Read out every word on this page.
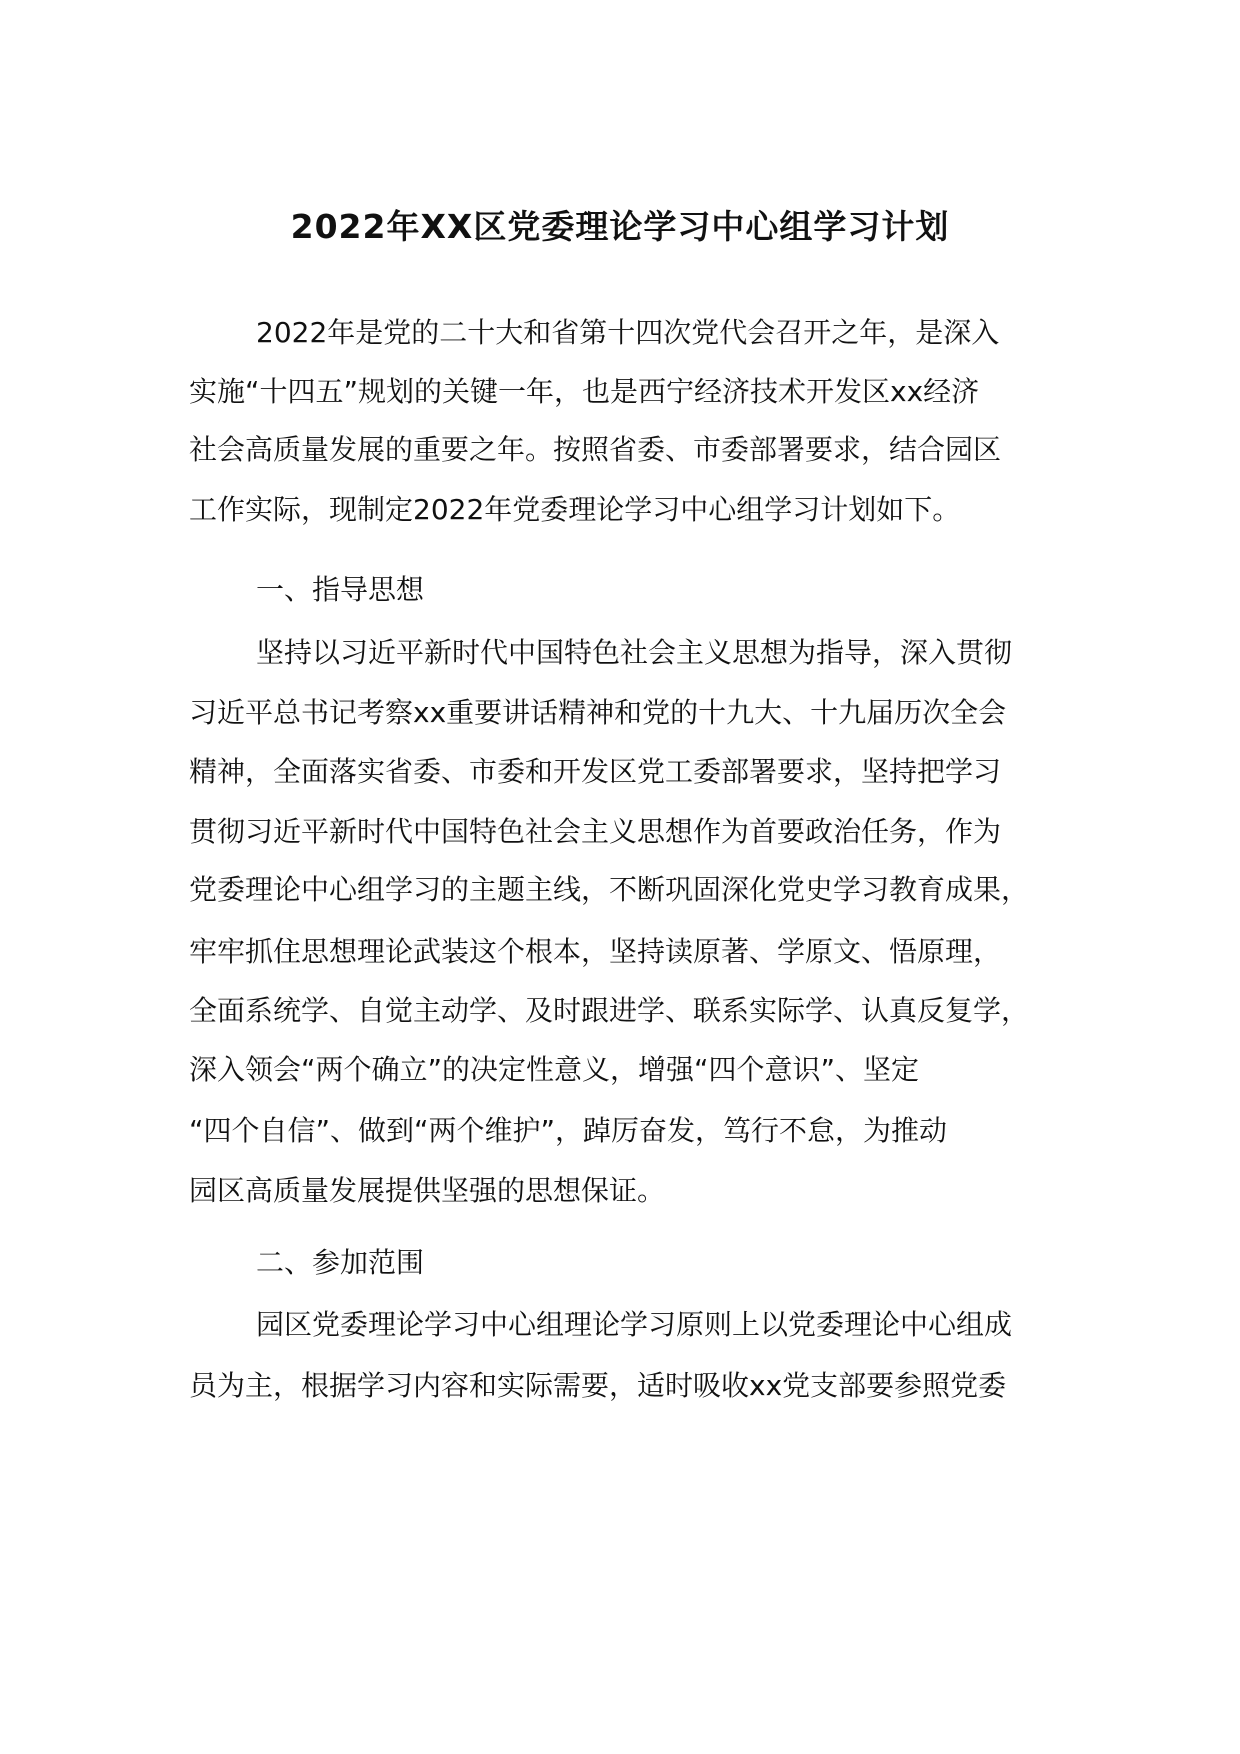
2022年XX区党委理论学习中心组学习计划
2022年是党的二十大和省第十四次党代会召开之年，是深入
实施“十四五”规划的关键一年，也是西宁经济技术开发区xx经济
社会高质量发展的重要之年。按照省委、市委部署要求，结合园区
工作实际，现制定2022年党委理论学习中心组学习计划如下。
一、指导思想
坚持以习近平新时代中国特色社会主义思想为指导，深入贯彻
习近平总书记考察xx重要讲话精神和党的十九大、十九届历次全会
精神，全面落实省委、市委和开发区党工委部署要求，坚持把学习
贯彻习近平新时代中国特色社会主义思想作为首要政治任务，作为
党委理论中心组学习的主题主线，不断巩固深化党史学习教育成果，
牢牢抓住思想理论武装这个根本，坚持读原著、学原文、悟原理，
全面系统学、自觉主动学、及时跟进学、联系实际学、认真反复学，
深入领会“两个确立”的决定性意义，增强“四个意识”、坚定
“四个自信”、做到“两个维护”，踔厉奋发，笃行不怠，为推动
园区高质量发展提供坚强的思想保证。
二、参加范围
园区党委理论学习中心组理论学习原则上以党委理论中心组成
员为主，根据学习内容和实际需要，适时吸收xx党支部要参照党委
